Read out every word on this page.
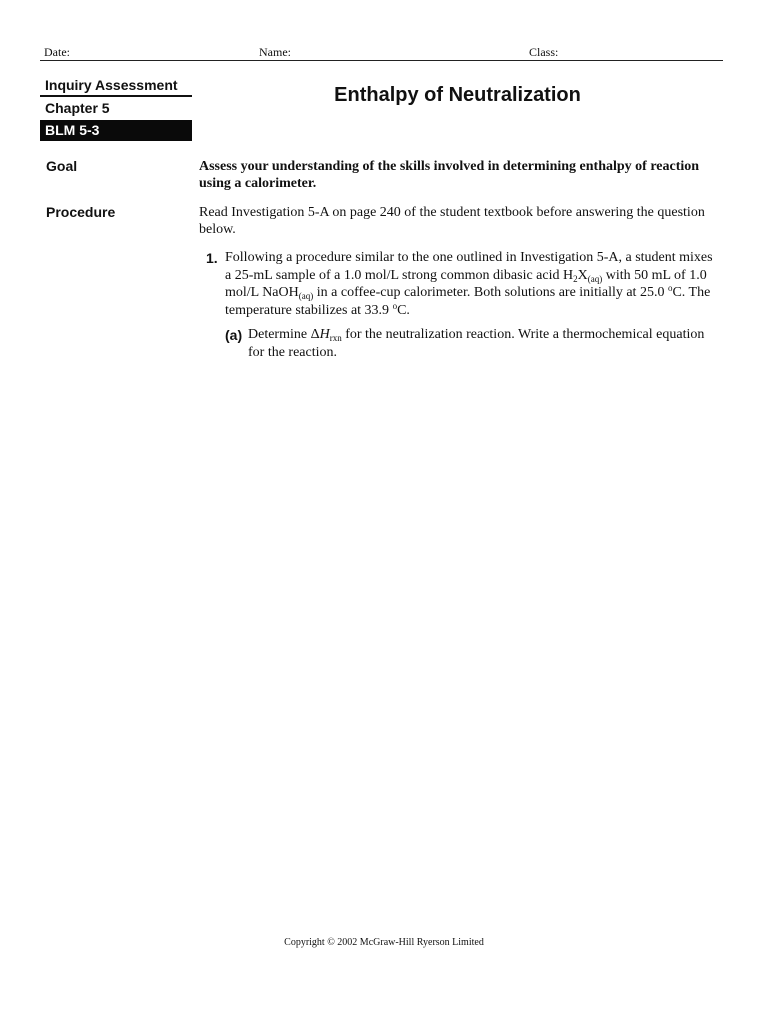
Date:	Name:	Class:
Inquiry Assessment
Chapter 5
BLM 5-3
Enthalpy of Neutralization
Goal	Assess your understanding of the skills involved in determining enthalpy of reaction using a calorimeter.
Procedure	Read Investigation 5-A on page 240 of the student textbook before answering the question below.
1. Following a procedure similar to the one outlined in Investigation 5-A, a student mixes a 25-mL sample of a 1.0 mol/L strong common dibasic acid $H_2X_{(aq)}$ with 50 mL of 1.0 mol/L NaOH$_{(aq)}$ in a coffee-cup calorimeter. Both solutions are initially at 25.0 $^o$C. The temperature stabilizes at 33.9 $^o$C.
(a) Determine $\Delta H_{rxn}$ for the neutralization reaction. Write a thermochemical equation for the reaction.
Copyright © 2002 McGraw-Hill Ryerson Limited
